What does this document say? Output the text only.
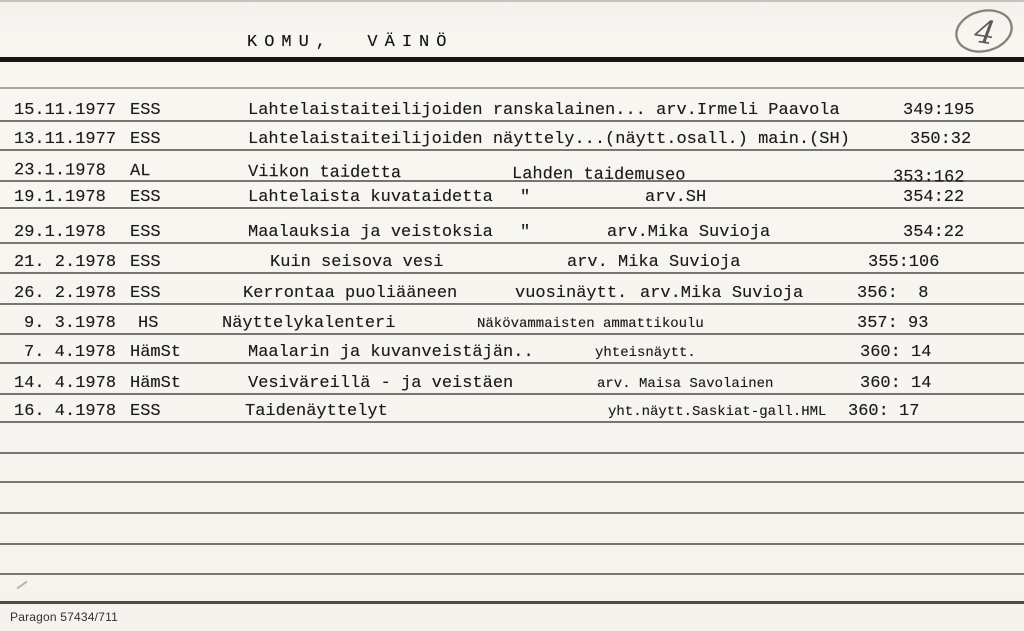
KOMU,  VÄINÖ	4
15.11.1977 ESS	Lahtelaistaiteilijoiden ranskalainen... arv.Irmeli Paavola	349:195
13.11.1977 ESS	Lahtelaistaiteilijoiden näyttely...(näytt.osall.) main.(SH)	350:32
23.1.1978 AL	Viikon taidetta	Lahden taidemuseo	353:162
19.1.1978 ESS	Lahtelaista kuvataidetta "	arv.SH	354:22
29.1.1978 ESS	Maalauksia ja veistoksia "	arv.Mika Suvioja	354:22
21. 2.1978 ESS	Kuin seisova vesi	arv. Mika Suvioja	355:106
26. 2.1978 ESS	Kerrontaa puoliääneen	vuosinäytt. arv.Mika Suvioja	356:  8
9. 3.1978 HS	Näyttelykalenteri	Näkövammaisten ammattikoulu	357: 93
7. 4.1978 HämSt	Maalarin ja kuvanveistäjän..	yhteisnäytt.	360: 14
14. 4.1978 HämSt	Vesiväreillä - ja veistäen	arv. Maisa Savolainen	360: 14
16. 4.1978 ESS	Taidenäyttelyt	yht.näytt.Saskiat-gall.HML 360: 17
Paragon 57434/711
